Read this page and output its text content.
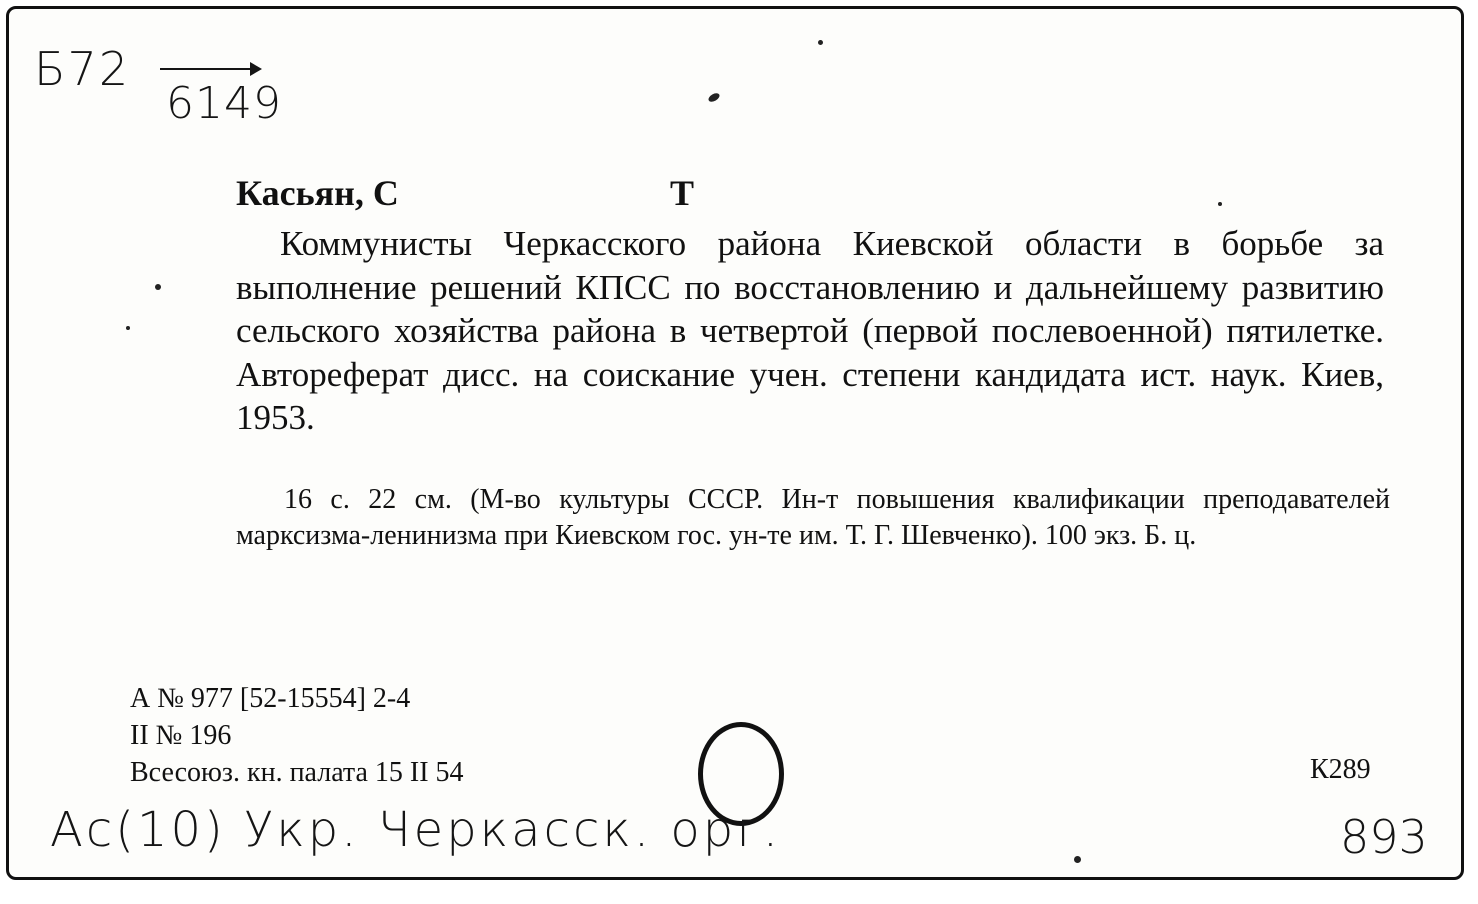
Б72
6149
Касьян, С	Т
Коммунисты Черкасского района Киевской области в борьбе за выполнение решений КПСС по восстановлению и дальнейшему развитию сельского хозяйства района в четвертой (первой послевоенной) пятилетке. Автореферат дисс. на соискание учен. степени кандидата ист. наук. Киев, 1953.
16 с. 22 см. (М-во культуры СССР. Ин-т повышения квалификации преподавателей марксизма-ленинизма при Киевском гос. ун-те им. Т. Г. Шевченко). 100 экз. Б. ц.
А № 977 [52-15554] 2-4
II № 196
Всесоюз. кн. палата 15 II 54	К289
Ас(10) Укр. Черкасск. орг.	893
